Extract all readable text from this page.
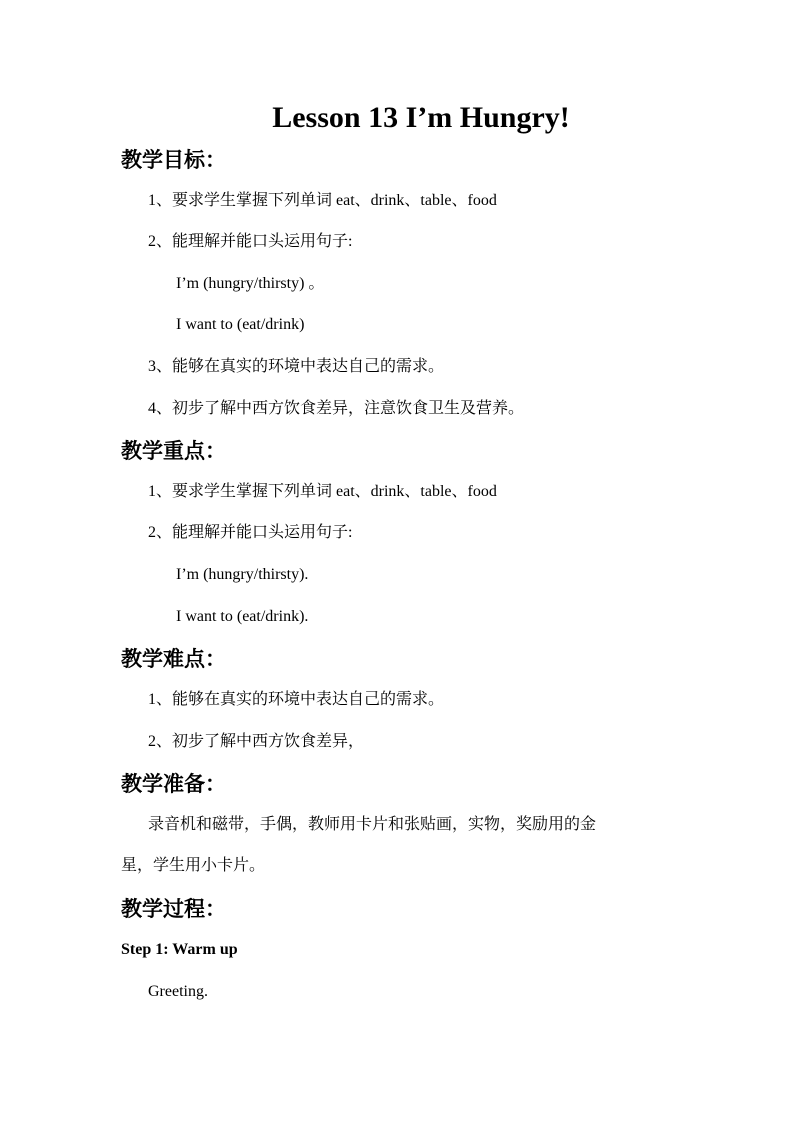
Lesson 13 I’m Hungry!
教学目标：
1、要求学生掌握下列单词 eat、drink、table、food
2、能理解并能口头运用句子:
I’m (hungry/thirsty) 。
I want to (eat/drink)
3、能够在真实的环境中表达自己的需求。
4、初步了解中西方饮食差异，注意饮食卫生及营养。
教学重点：
1、要求学生掌握下列单词 eat、drink、table、food
2、能理解并能口头运用句子:
I’m (hungry/thirsty).
I want to (eat/drink).
教学难点：
1、能够在真实的环境中表达自己的需求。
2、初步了解中西方饮食差异，
教学准备：
录音机和磁带，手偶，教师用卡片和张贴画，实物，奖励用的金
星，学生用小卡片。
教学过程：
Step 1: Warm up
Greeting.
